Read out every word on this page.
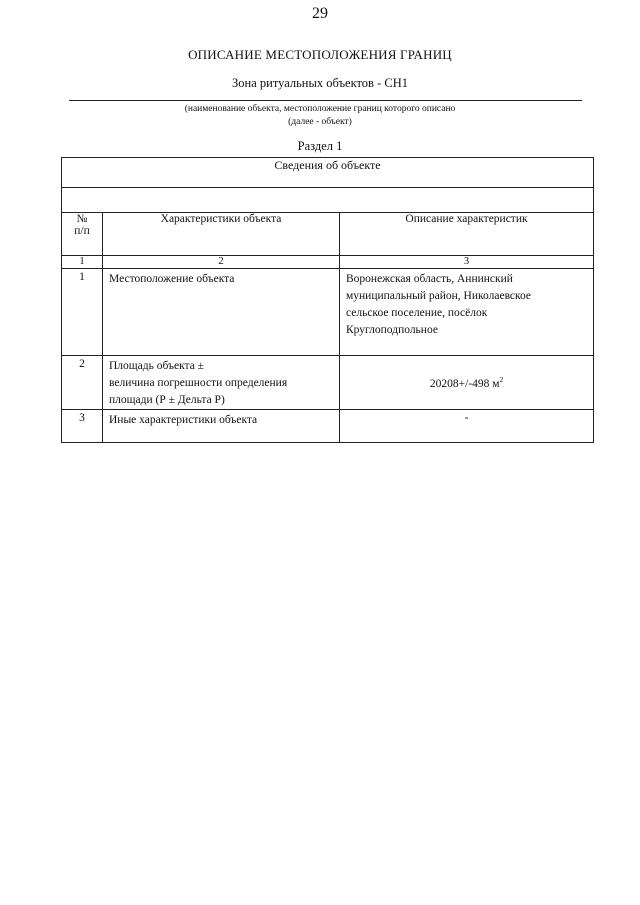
29
ОПИСАНИЕ МЕСТОПОЛОЖЕНИЯ ГРАНИЦ
Зона ритуальных объектов - СН1
(наименование объекта, местоположение границ которого описано
(далее - объект)
Раздел 1
Сведения об объекте		

№
п/п	Характеристики объекта	Описание характеристик
1	2	3
1	Местоположение объекта	Воронежская область, Аннинский
муниципальный район, Николаевское
сельское поселение, посёлок
Круглоподпольное

2	Площадь объекта ±
величина погрешности определения
площади (Р ± Дельта Р)	20208+/-498 $м^2$
3	Иные характеристики объекта	-
